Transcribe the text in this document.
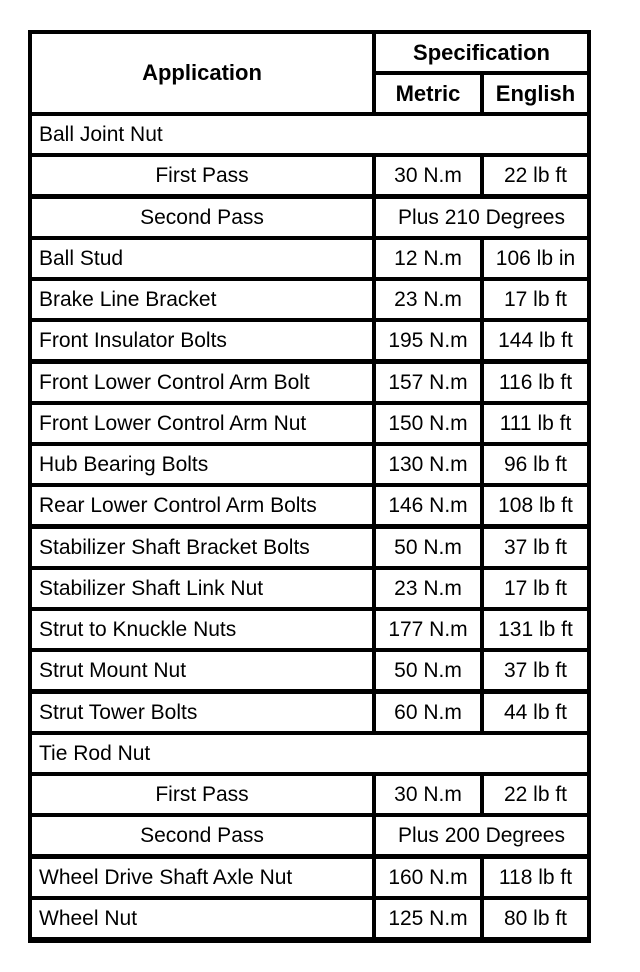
Application
Specification
Metric	English
Ball Joint Nut
First Pass	30 N.m	22 lb ft
Second Pass	Plus 210 Degrees
Ball Stud	12 N.m	106 lb in
Brake Line Bracket	23 N.m	17 lb ft
Front Insulator Bolts	195 N.m	144 lb ft
Front Lower Control Arm Bolt	157 N.m	116 lb ft
Front Lower Control Arm Nut	150 N.m	111 lb ft
Hub Bearing Bolts	130 N.m	96 lb ft
Rear Lower Control Arm Bolts	146 N.m	108 lb ft
Stabilizer Shaft Bracket Bolts	50 N.m	37 lb ft
Stabilizer Shaft Link Nut	23 N.m	17 lb ft
Strut to Knuckle Nuts	177 N.m	131 lb ft
Strut Mount Nut	50 N.m	37 lb ft
Strut Tower Bolts	60 N.m	44 lb ft
Tie Rod Nut
First Pass	30 N.m	22 lb ft
Second Pass	Plus 200 Degrees
Wheel Drive Shaft Axle Nut	160 N.m	118 lb ft
Wheel Nut	125 N.m	80 lb ft
